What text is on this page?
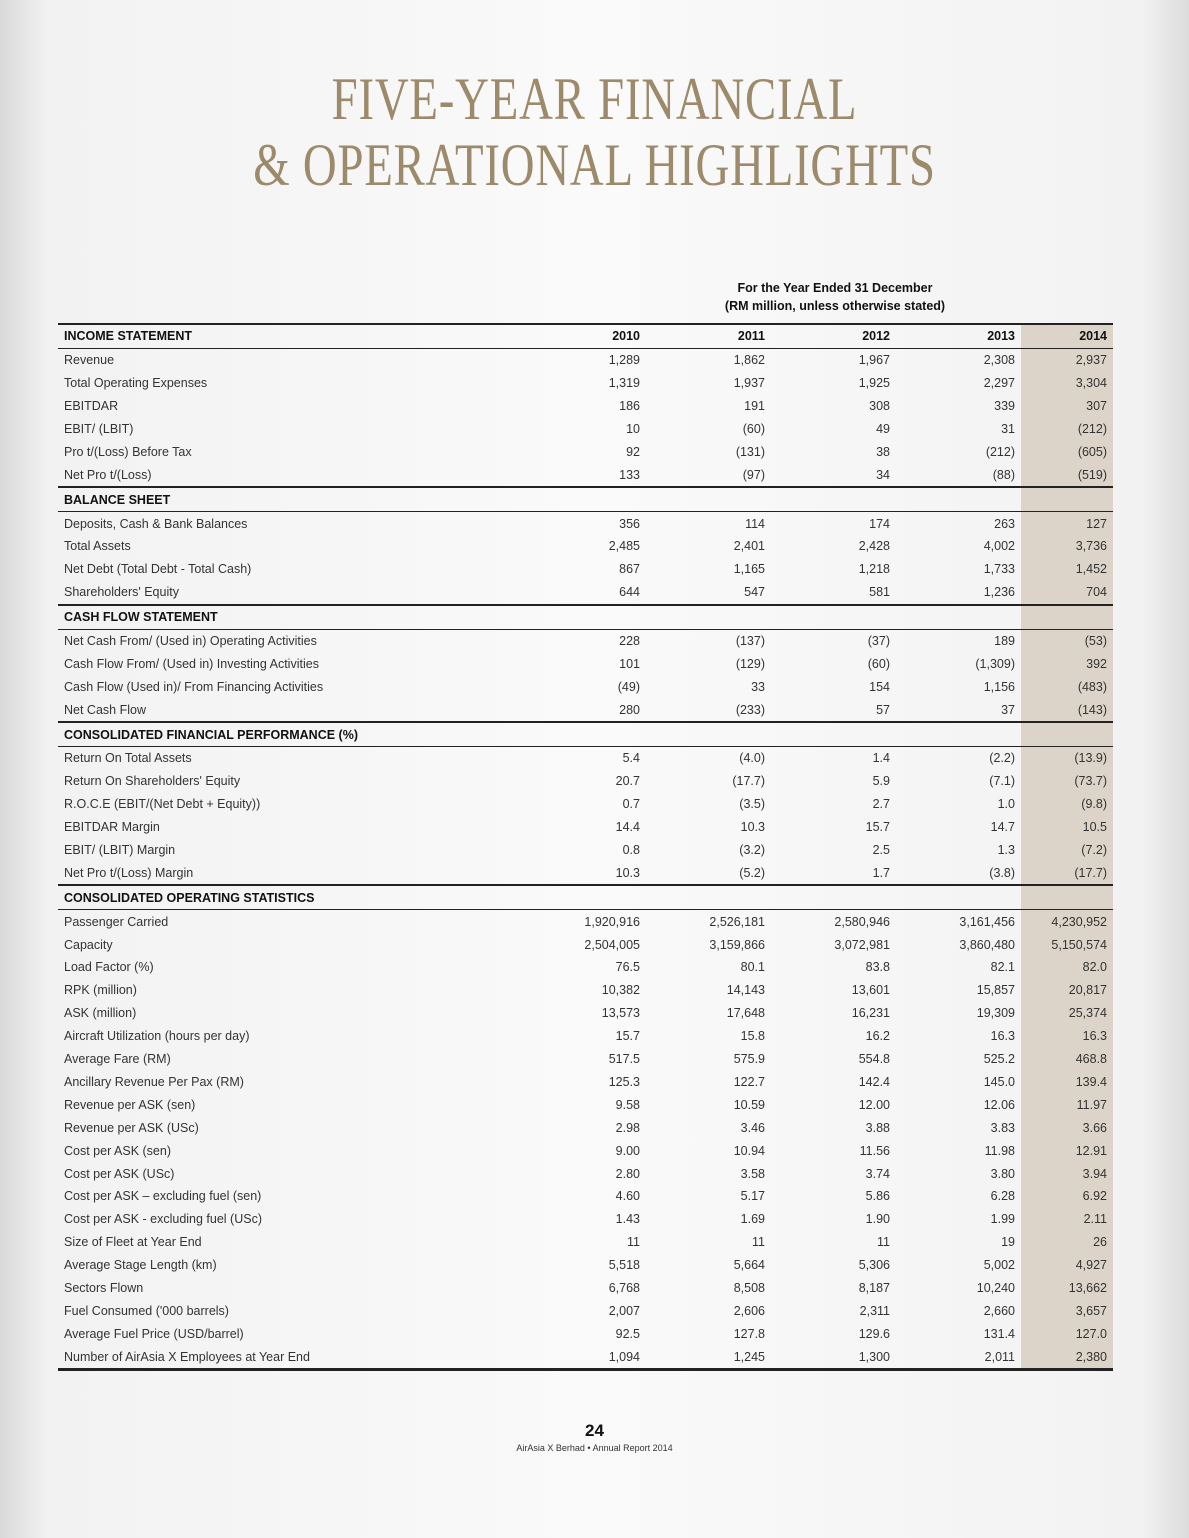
FIVE-YEAR FINANCIAL
& OPERATIONAL HIGHLIGHTS
For the Year Ended 31 December
(RM million, unless otherwise stated)
INCOME STATEMENT	2010	2011	2012	2013	2014
Revenue	1,289	1,862	1,967	2,308	2,937
Total Operating Expenses	1,319	1,937	1,925	2,297	3,304
EBITDAR	186	191	308	339	307
EBIT/ (LBIT)	10	(60)	49	31	(212)
Pro t/(Loss) Before Tax	92	(131)	38	(212)	(605)
Net Pro t/(Loss)	133	(97)	34	(88)	(519)
BALANCE SHEET					
Deposits, Cash & Bank Balances	356	114	174	263	127
Total Assets	2,485	2,401	2,428	4,002	3,736
Net Debt (Total Debt - Total Cash)	867	1,165	1,218	1,733	1,452
Shareholders' Equity	644	547	581	1,236	704
CASH FLOW STATEMENT					
Net Cash From/ (Used in) Operating Activities	228	(137)	(37)	189	(53)
Cash Flow From/ (Used in) Investing Activities	101	(129)	(60)	(1,309)	392
Cash Flow (Used in)/ From Financing Activities	(49)	33	154	1,156	(483)
Net Cash Flow	280	(233)	57	37	(143)
CONSOLIDATED FINANCIAL PERFORMANCE (%)					
Return On Total Assets	5.4	(4.0)	1.4	(2.2)	(13.9)
Return On Shareholders' Equity	20.7	(17.7)	5.9	(7.1)	(73.7)
R.O.C.E (EBIT/(Net Debt + Equity))	0.7	(3.5)	2.7	1.0	(9.8)
EBITDAR Margin	14.4	10.3	15.7	14.7	10.5
EBIT/ (LBIT) Margin	0.8	(3.2)	2.5	1.3	(7.2)
Net Pro t/(Loss) Margin	10.3	(5.2)	1.7	(3.8)	(17.7)
CONSOLIDATED OPERATING STATISTICS					
Passenger Carried	1,920,916	2,526,181	2,580,946	3,161,456	4,230,952
Capacity	2,504,005	3,159,866	3,072,981	3,860,480	5,150,574
Load Factor (%)	76.5	80.1	83.8	82.1	82.0
RPK (million)	10,382	14,143	13,601	15,857	20,817
ASK (million)	13,573	17,648	16,231	19,309	25,374
Aircraft Utilization (hours per day)	15.7	15.8	16.2	16.3	16.3
Average Fare (RM)	517.5	575.9	554.8	525.2	468.8
Ancillary Revenue Per Pax (RM)	125.3	122.7	142.4	145.0	139.4
Revenue per ASK (sen)	9.58	10.59	12.00	12.06	11.97
Revenue per ASK (USc)	2.98	3.46	3.88	3.83	3.66
Cost per ASK (sen)	9.00	10.94	11.56	11.98	12.91
Cost per ASK (USc)	2.80	3.58	3.74	3.80	3.94
Cost per ASK – excluding fuel (sen)	4.60	5.17	5.86	6.28	6.92
Cost per ASK - excluding fuel (USc)	1.43	1.69	1.90	1.99	2.11
Size of Fleet at Year End	11	11	11	19	26
Average Stage Length (km)	5,518	5,664	5,306	5,002	4,927
Sectors Flown	6,768	8,508	8,187	10,240	13,662
Fuel Consumed ('000 barrels)	2,007	2,606	2,311	2,660	3,657
Average Fuel Price (USD/barrel)	92.5	127.8	129.6	131.4	127.0
Number of AirAsia X Employees at Year End	1,094	1,245	1,300	2,011	2,380
24
AirAsia X Berhad • Annual Report 2014
